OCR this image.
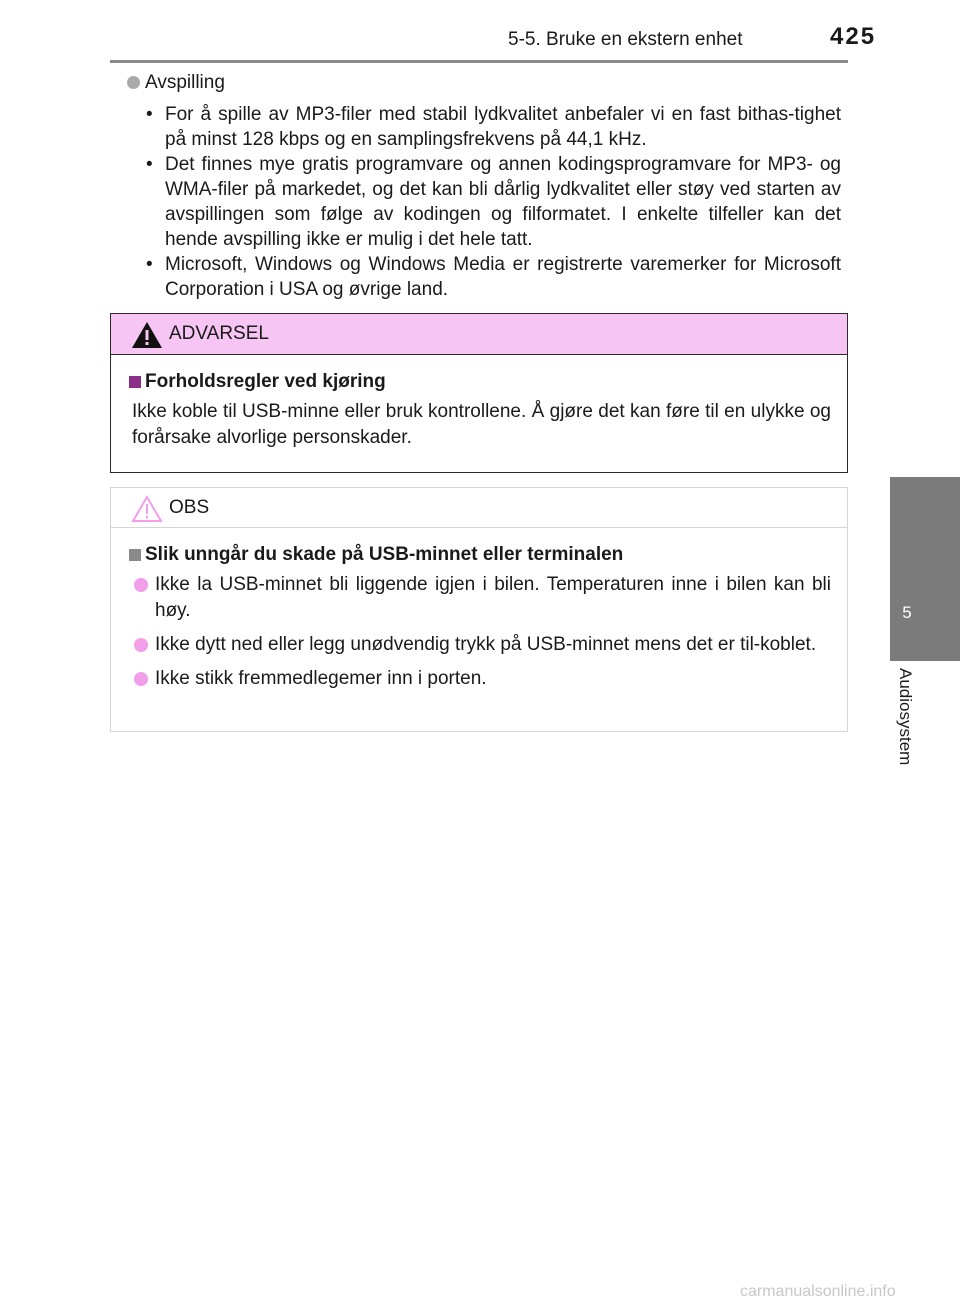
5-5. Bruke en ekstern enhet	425
5
Audiosystem
Avspilling
• For å spille av MP3-filer med stabil lydkvalitet anbefaler vi en fast bithas-tighet på minst 128 kbps og en samplingsfrekvens på 44,1 kHz.
• Det finnes mye gratis programvare og annen kodingsprogramvare for MP3- og WMA-filer på markedet, og det kan bli dårlig lydkvalitet eller støy ved starten av avspillingen som følge av kodingen og filformatet. I enkelte tilfeller kan det hende avspilling ikke er mulig i det hele tatt.
• Microsoft, Windows og Windows Media er registrerte varemerker for Microsoft Corporation i USA og øvrige land.
ADVARSEL
Forholdsregler ved kjøring
Ikke koble til USB-minne eller bruk kontrollene. Å gjøre det kan føre til en ulykke og forårsake alvorlige personskader.
OBS
Slik unngår du skade på USB-minnet eller terminalen
Ikke la USB-minnet bli liggende igjen i bilen. Temperaturen inne i bilen kan bli høy.
Ikke dytt ned eller legg unødvendig trykk på USB-minnet mens det er til-koblet.
Ikke stikk fremmedlegemer inn i porten.
carmanualsonline.info
